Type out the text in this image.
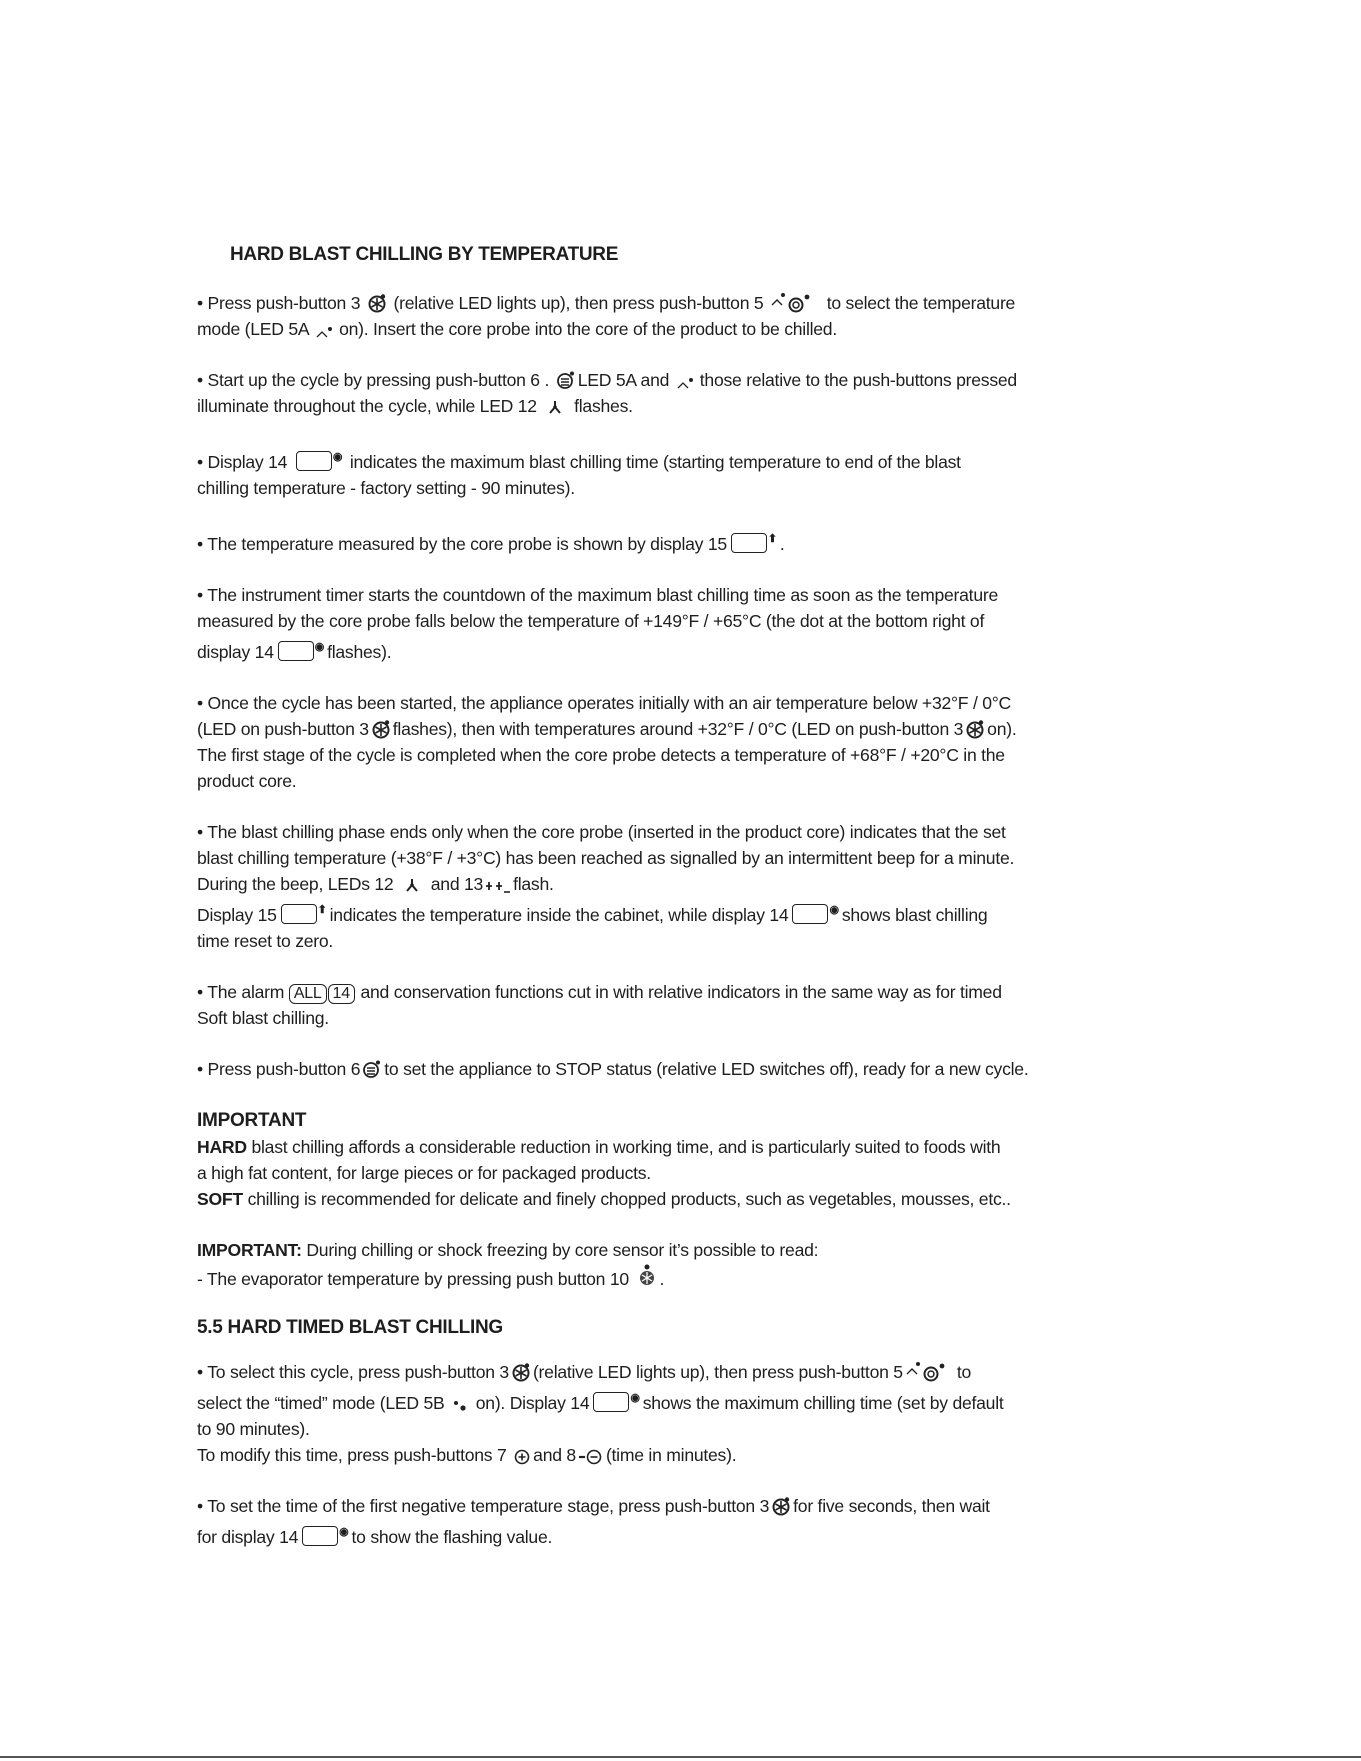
HARD BLAST CHILLING BY TEMPERATURE

• Press push-button 3 (relative LED lights up), then press push-button 5	to select the temperature
mode (LED 5A on). Insert the core probe into the core of the product to be chilled.

• Start up the cycle by pressing push-button 6 . LED 5A and those relative to the push-buttons pressed
illuminate throughout the cycle, while LED 12 flashes.

• Display 14	◉ indicates the maximum blast chilling time (starting temperature to end of the blast
chilling temperature - factory setting - 90 minutes).

• The temperature measured by the core probe is shown by display 15	⬆ .

• The instrument timer starts the countdown of the maximum blast chilling time as soon as the temperature
measured by the core probe falls below the temperature of +149°F / +65°C (the dot at the bottom right of
display 14	◉ flashes).

• Once the cycle has been started, the appliance operates initially with an air temperature below +32°F / 0°C
(LED on push-button 3 flashes), then with temperatures around +32°F / 0°C (LED on push-button 3 on).
The first stage of the cycle is completed when the core probe detects a temperature of +68°F / +20°C in the
product core.

• The blast chilling phase ends only when the core probe (inserted in the product core) indicates that the set
blast chilling temperature (+38°F / +3°C) has been reached as signalled by an intermittent beep for a minute.
During the beep, LEDs 12 and 13 flash.
Display 15	⬆ indicates the temperature inside the cabinet, while display 14	◉ shows blast chilling
time reset to zero.

• The alarm ALL 14 and conservation functions cut in with relative indicators in the same way as for timed
Soft blast chilling.

• Press push-button 6 to set the appliance to STOP status (relative LED switches off), ready for a new cycle.

IMPORTANT
HARD blast chilling affords a considerable reduction in working time, and is particularly suited to foods with
a high fat content, for large pieces or for packaged products.
SOFT chilling is recommended for delicate and finely chopped products, such as vegetables, mousses, etc..

IMPORTANT: During chilling or shock freezing by core sensor it’s possible to read:
- The evaporator temperature by pressing push button 10 .

5.5 HARD TIMED BLAST CHILLING

• To select this cycle, press push-button 3 (relative LED lights up), then press push-button 5	to
select the “timed” mode (LED 5B on). Display 14	◉ shows the maximum chilling time (set by default
to 90 minutes).
To modify this time, press push-buttons 7 and 8 (time in minutes).

• To set the time of the first negative temperature stage, press push-button 3 for five seconds, then wait
for display 14	◉ to show the flashing value.
